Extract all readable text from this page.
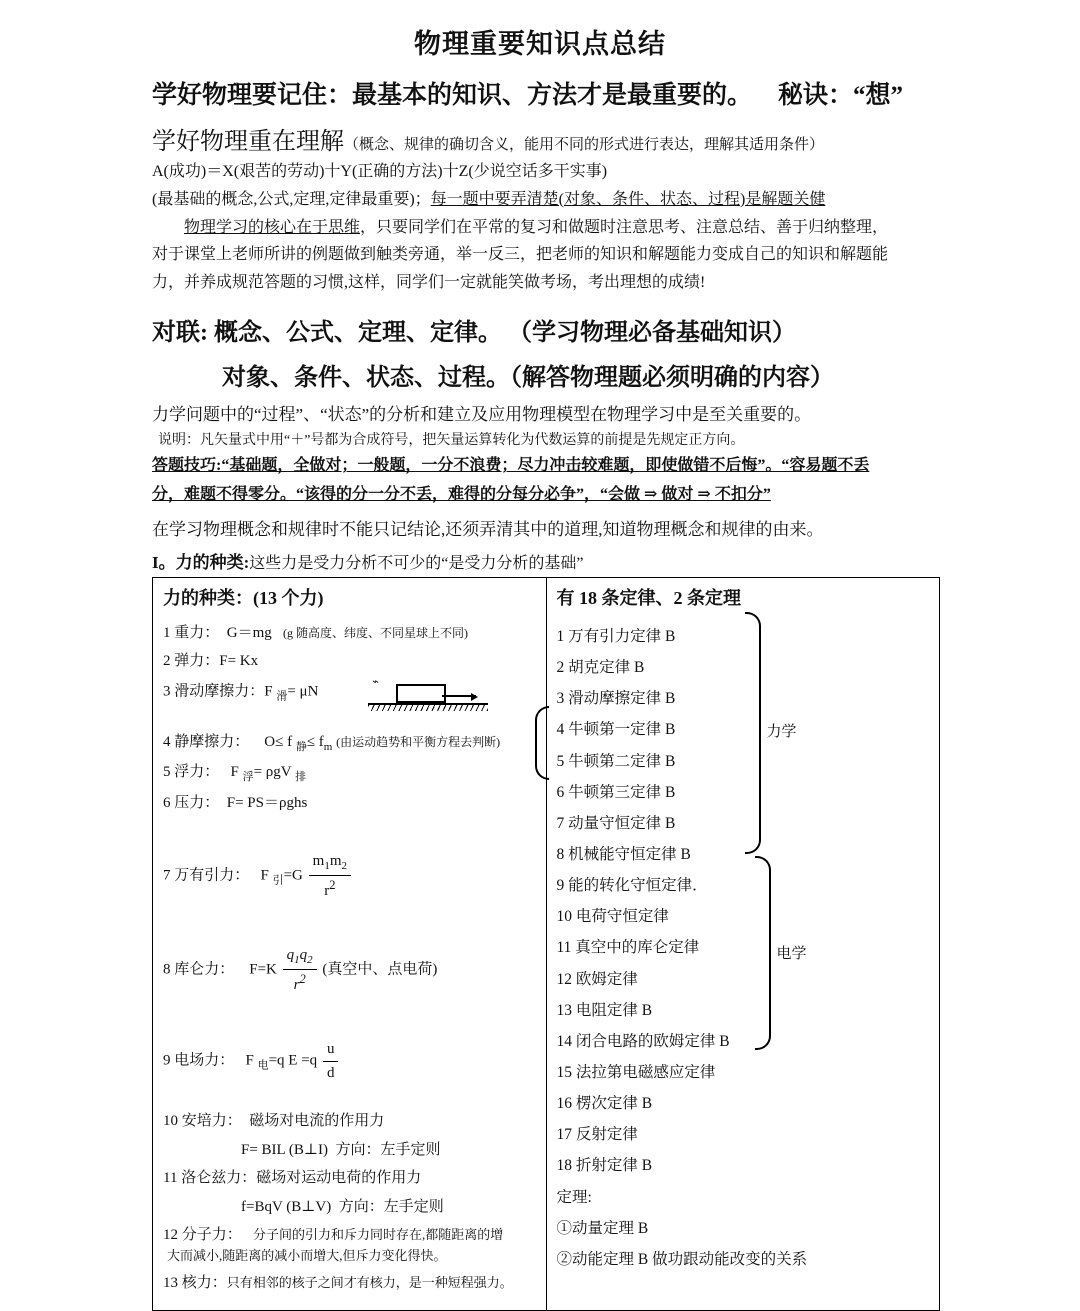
物理重要知识点总结
学好物理要记住：最基本的知识、方法才是最重要的。 秘诀：“想”
学好物理重在理解（概念、规律的确切含义，能用不同的形式进行表达，理解其适用条件）
A(成功)＝X(艰苦的劳动)十Y(正确的方法)十Z(少说空话多干实事)
(最基础的概念,公式,定理,定律最重要)；每一题中要弄清楚(对象、条件、状态、过程)是解题关健
物理学习的核心在于思维，只要同学们在平常的复习和做题时注意思考、注意总结、善于归纳整理，
对于课堂上老师所讲的例题做到触类旁通，举一反三，把老师的知识和解题能力变成自己的知识和解题能
力，并养成规范答题的习惯,这样，同学们一定就能笑做考场，考出理想的成绩!
对联: 概念、公式、定理、定律。 （学习物理必备基础知识）
对象、条件、状态、过程。（解答物理题必须明确的内容）
力学问题中的“过程”、“状态”的分析和建立及应用物理模型在物理学习中是至关重要的。
说明：凡矢量式中用“＋”号都为合成符号，把矢量运算转化为代数运算的前提是先规定正方向。
答题技巧:“基础题，全做对；一般题，一分不浪费；尽力冲击较难题，即使做错不后悔”。“容易题不丢
分，难题不得零分。“该得的分一分不丢，难得的分每分必争”，“会做 ⇒ 做对 ⇒ 不扣分”
在学习物理概念和规律时不能只记结论,还须弄清其中的道理,知道物理概念和规律的由来。
I。力的种类:这些力是受力分析不可少的“是受力分析的基础”
力的种类：(13 个力)
1 重力：  G＝mg   (g 随高度、纬度、不同星球上不同)
2 弹力：F= Kx
3 滑动摩擦力：F $_滑$= μN
⌁
4 静摩擦力：    O≤ f $_静\le f_m$ (由运动趋势和平衡方程去判断)
5 浮力：   F $_浮$= ρgV $_排$
6 压力：  F= PS＝ρghs
7 万有引力：   F $_引=G \frac{m_1m_2}{r^2}$
8 库仑力：    $F=K \frac{q_1q_2}{r^2}$ (真空中、点电荷)
9 电场力：   F $_电$=q $E =q \frac{u}{d}$
10 安培力：  磁场对电流的作用力
F= BIL (B⊥I)  方向：左手定则
11 洛仑兹力：磁场对运动电荷的作用力
f=BqV (B⊥V)  方向：左手定则
12 分子力：   分子间的引力和斥力同时存在,都随距离的增
大而减小,随距离的减小而增大,但斥力变化得快。
13 核力：只有相邻的核子之间才有核力，是一种短程强力。

有 18 条定律、2 条定理
1 万有引力定律 B
2 胡克定律 B
3 滑动摩擦定律 B
4 牛顿第一定律 B
5 牛顿第二定律 B
6 牛顿第三定律 B
7 动量守恒定律 B
8 机械能守恒定律 B
9 能的转化守恒定律．
10 电荷守恒定律
11 真空中的库仑定律
12 欧姆定律
13 电阻定律 B
14 闭合电路的欧姆定律 B
15 法拉第电磁感应定律
16 楞次定律 B
17 反射定律
18 折射定律 B
定理:
①动量定理 B
②动能定理 B 做功跟动能改变的关系
力学
电学
